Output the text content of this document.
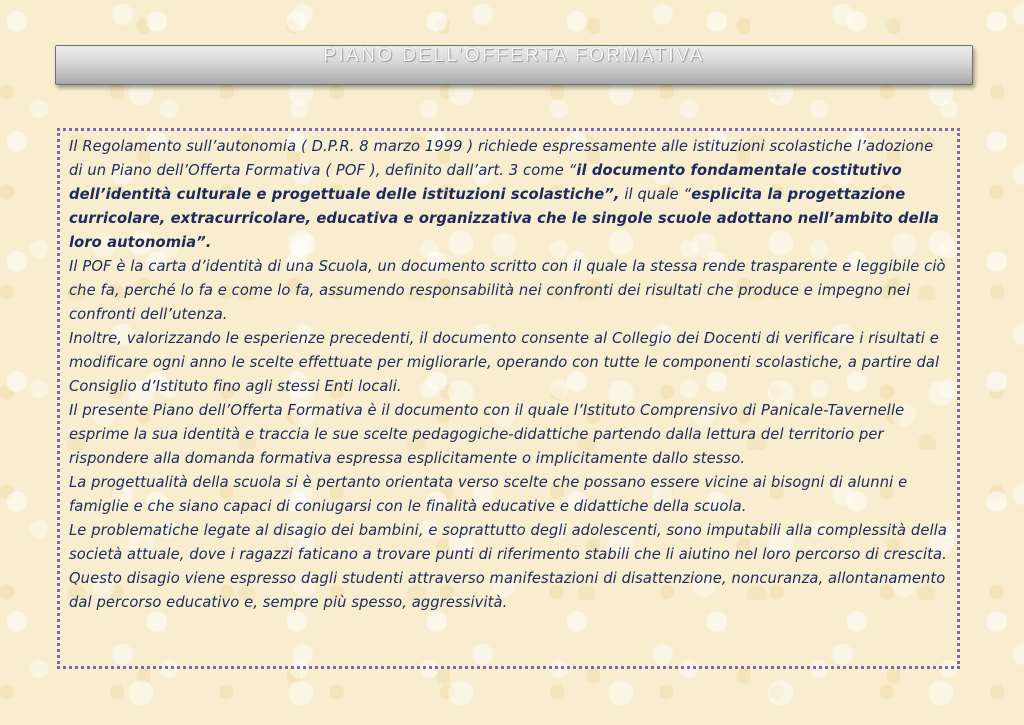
PIANO DELL’OFFERTA FORMATIVA

Il Regolamento sull’autonomia ( D.P.R. 8 marzo 1999 ) richiede espressamente alle istituzioni scolastiche l’adozione di un Piano dell’Offerta Formativa ( POF ), definito dall’art. 3 come “il documento fondamentale costitutivo dell’identità culturale e progettuale delle istituzioni scolastiche”, il quale “esplicita la progettazione curricolare, extracurricolare, educativa e organizzativa che le singole scuole adottano nell’ambito della loro autonomia”.
Il POF è la carta d’identità di una Scuola, un documento scritto con il quale la stessa rende trasparente e leggibile ciò che fa, perché lo fa e come lo fa, assumendo responsabilità nei confronti dei risultati che produce e impegno nei confronti dell’utenza.
Inoltre, valorizzando le esperienze precedenti, il documento consente al Collegio dei Docenti di verificare i risultati e modificare ogni anno le scelte effettuate per migliorarle, operando con tutte le componenti scolastiche, a partire dal Consiglio d’Istituto fino agli stessi Enti locali.
Il presente Piano dell’Offerta Formativa è il documento con il quale l’Istituto Comprensivo di Panicale-Tavernelle esprime la sua identità e traccia le sue scelte pedagogiche-didattiche partendo dalla lettura del territorio per rispondere alla domanda formativa espressa esplicitamente o implicitamente dallo stesso.
La progettualità della scuola si è pertanto orientata verso scelte che possano essere vicine ai bisogni di alunni e famiglie e che siano capaci di coniugarsi con le finalità educative e didattiche della scuola.
Le problematiche legate al disagio dei bambini, e soprattutto degli adolescenti, sono imputabili alla complessità della società attuale, dove i ragazzi faticano a trovare punti di riferimento stabili che li aiutino nel loro percorso di crescita. Questo disagio viene espresso dagli studenti attraverso manifestazioni di disattenzione, noncuranza, allontanamento dal percorso educativo e, sempre più spesso, aggressività.
